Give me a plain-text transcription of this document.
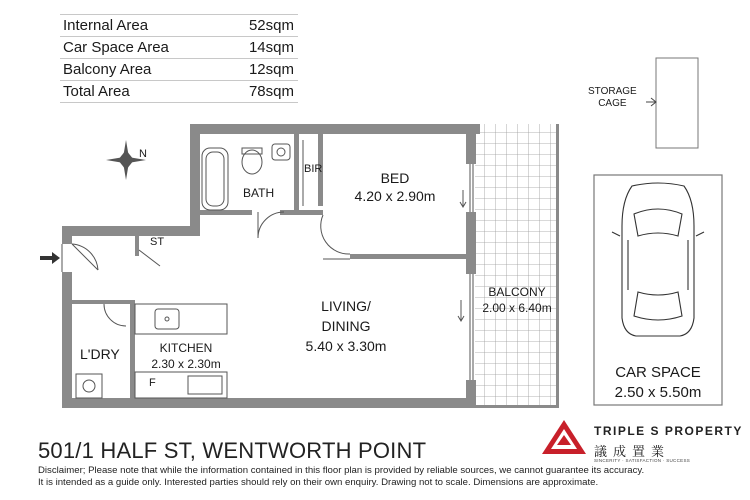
Internal Area	52sqm
Car Space Area	14sqm
Balcony Area	12sqm
Total Area	78sqm	STORAGE
CAGE
BIR
BATH
BED
4.20 x 2.90m
ST
BALCONY
2.00 x 6.40m
LIVING/
DINING
5.40 x 3.30m
L'DRY	KITCHEN
2.30 x 2.30m
F
CAR SPACE
2.50 x 5.50m
N
501/1 HALF ST, WENTWORTH POINT
Disclaimer; Please note that while the information contained in this floor plan is provided by reliable sources, we cannot guarantee its accuracy.
It is intended as a guide only. Interested parties should rely on their own enquiry. Drawing not to scale. Dimensions are approximate.
TRIPLE S PROPERTY
議成置業
SINCERITY · SATISFACTION · SUCCESS
